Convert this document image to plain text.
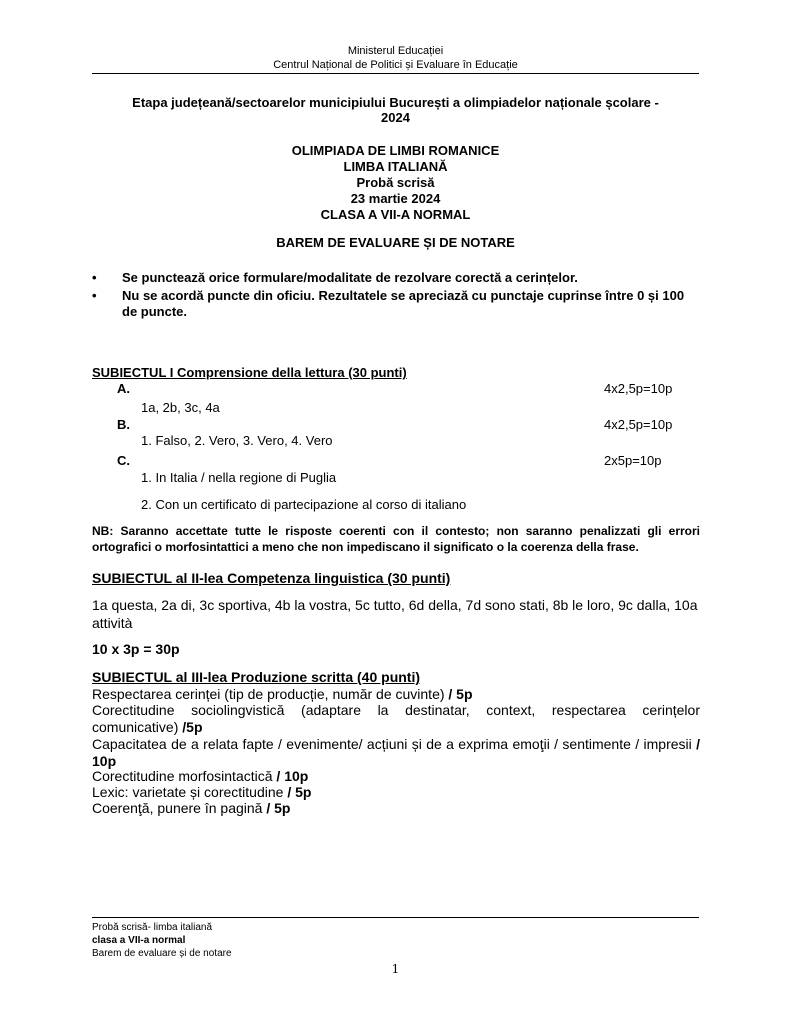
Ministerul Educației
Centrul Național de Politici și Evaluare în Educație
Etapa județeană/sectoarelor municipiului București a olimpiadelor naționale școlare -
2024
OLIMPIADA DE LIMBI ROMANICE
LIMBA ITALIANĂ
Probă scrisă
23 martie 2024
CLASA A VII-A NORMAL
BAREM DE EVALUARE ȘI DE NOTARE
• Se punctează orice formulare/modalitate de rezolvare corectă a cerințelor.
• Nu se acordă puncte din oficiu. Rezultatele se apreciază cu punctaje cuprinse între 0 și 100 de puncte.
SUBIECTUL I Comprensione della lettura (30 punti)
A.	4x2,5p=10p
1a, 2b, 3c, 4a
B.	4x2,5p=10p
1. Falso, 2. Vero, 3. Vero, 4. Vero
C.	2x5p=10p
1. In Italia / nella regione di Puglia
2. Con un certificato di partecipazione al corso di italiano
NB: Saranno accettate tutte le risposte coerenti con il contesto; non saranno penalizzati gli errori ortografici o morfosintattici a meno che non impediscano il significato o la coerenza della frase.
SUBIECTUL al II-lea Competenza linguistica (30 punti)
1a questa, 2a di, 3c sportiva, 4b la vostra, 5c tutto, 6d della, 7d sono stati, 8b le loro, 9c dalla, 10a attività
10 x 3p = 30p
SUBIECTUL al III-lea Produzione scritta (40 punti)
Respectarea cerinței (tip de producție, număr de cuvinte) / 5p
Corectitudine sociolingvistică (adaptare la destinatar, context, respectarea cerințelor comunicative) /5p
Capacitatea de a relata fapte / evenimente/ acțiuni și de a exprima emoţii / sentimente / impresii / 10p
Corectitudine morfosintactică / 10p
Lexic: varietate și corectitudine / 5p
Coerenţă, punere în pagină / 5p
Probă scrisă- limba italiană
clasa a VII-a normal
Barem de evaluare și de notare
1
